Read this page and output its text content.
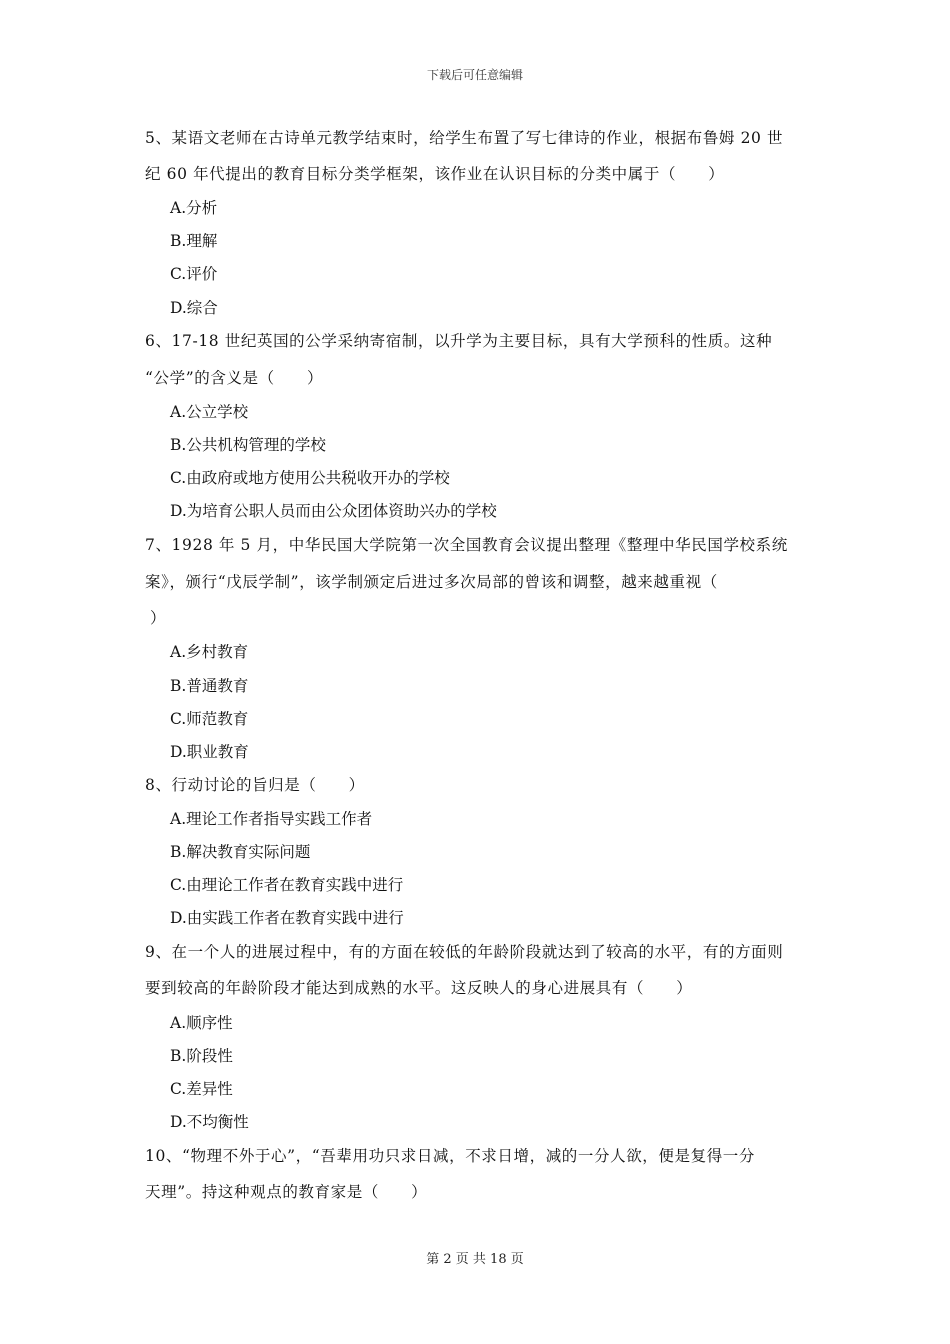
下载后可任意编辑
5、某语文老师在古诗单元教学结束时，给学生布置了写七律诗的作业，根据布鲁姆 20 世
纪 60 年代提出的教育目标分类学框架，该作业在认识目标的分类中属于（　　）
A.分析
B.理解
C.评价
D.综合
6、17-18 世纪英国的公学采纳寄宿制，以升学为主要目标，具有大学预科的性质。这种
“公学”的含义是（　　）
A.公立学校
B.公共机构管理的学校
C.由政府或地方使用公共税收开办的学校
D.为培育公职人员而由公众团体资助兴办的学校
7、1928 年 5 月，中华民国大学院第一次全国教育会议提出整理《整理中华民国学校系统
案》，颁行“戊辰学制”，该学制颁定后进过多次局部的曾该和调整，越来越重视（
）
A.乡村教育
B.普通教育
C.师范教育
D.职业教育
8、行动讨论的旨归是（　　）
A.理论工作者指导实践工作者
B.解决教育实际问题
C.由理论工作者在教育实践中进行
D.由实践工作者在教育实践中进行
9、在一个人的进展过程中，有的方面在较低的年龄阶段就达到了较高的水平，有的方面则
要到较高的年龄阶段才能达到成熟的水平。这反映人的身心进展具有（　　）
A.顺序性
B.阶段性
C.差异性
D.不均衡性
10、“物理不外于心”，“吾辈用功只求日减，不求日增，减的一分人欲，便是复得一分
天理”。持这种观点的教育家是（　　）
第 2 页 共 18 页
